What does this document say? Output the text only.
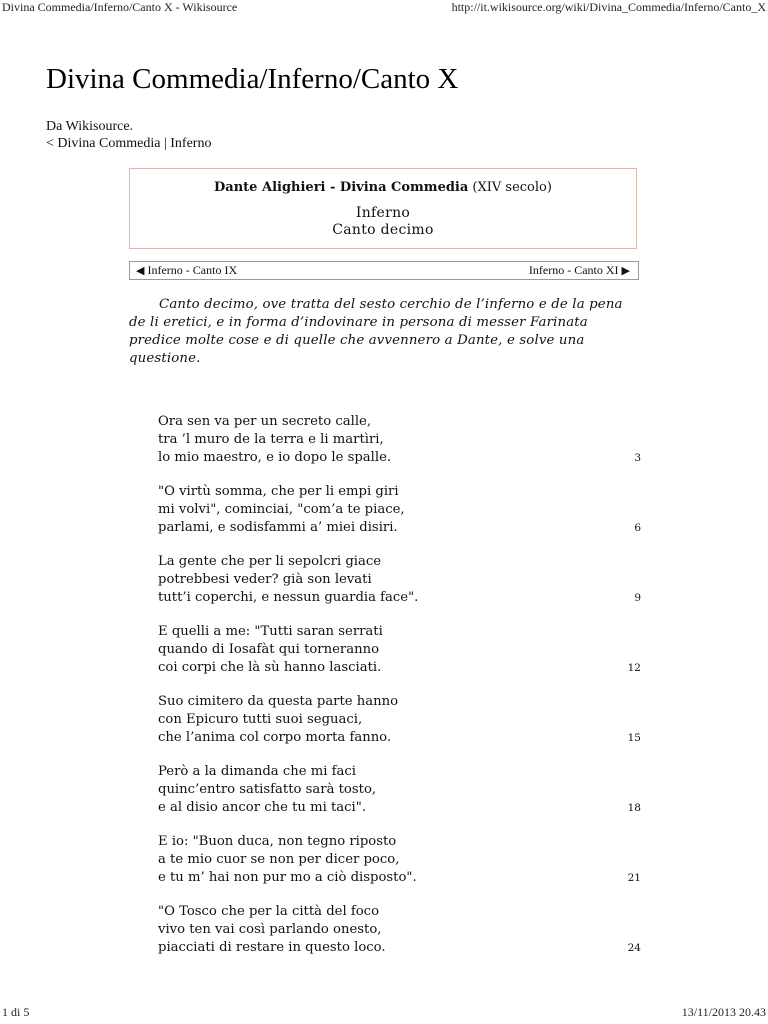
Divina Commedia/Inferno/Canto X - Wikisource	http://it.wikisource.org/wiki/Divina_Commedia/Inferno/Canto_X
Divina Commedia/Inferno/Canto X
Da Wikisource.
< Divina Commedia | Inferno
Dante Alighieri - Divina Commedia (XIV secolo)
Inferno
Canto decimo
◀ Inferno - Canto IX	Inferno - Canto XI ▶
Canto decimo, ove tratta del sesto cerchio de l’inferno e de la pena de li eretici, e in forma d’indovinare in persona di messer Farinata predice molte cose e di quelle che avvennero a Dante, e solve una questione.
Ora sen va per un secreto calle,
tra ’l muro de la terra e li martìri,
lo mio maestro, e io dopo le spalle.	3
"O virtù somma, che per li empi giri
mi volvi", cominciai, "com’a te piace,
parlami, e sodisfammi a’ miei disiri.	6
La gente che per li sepolcri giace
potrebbesi veder? già son levati
tutt’i coperchi, e nessun guardia face".	9
E quelli a me: "Tutti saran serrati
quando di Iosafàt qui torneranno
coi corpi che là sù hanno lasciati.	12
Suo cimitero da questa parte hanno
con Epicuro tutti suoi seguaci,
che l’anima col corpo morta fanno.	15
Però a la dimanda che mi faci
quinc’entro satisfatto sarà tosto,
e al disio ancor che tu mi taci".	18
E io: "Buon duca, non tegno riposto
a te mio cuor se non per dicer poco,
e tu m’ hai non pur mo a ciò disposto".	21
"O Tosco che per la città del foco
vivo ten vai così parlando onesto,
piacciati di restare in questo loco.	24
1 di 5	13/11/2013 20.43
